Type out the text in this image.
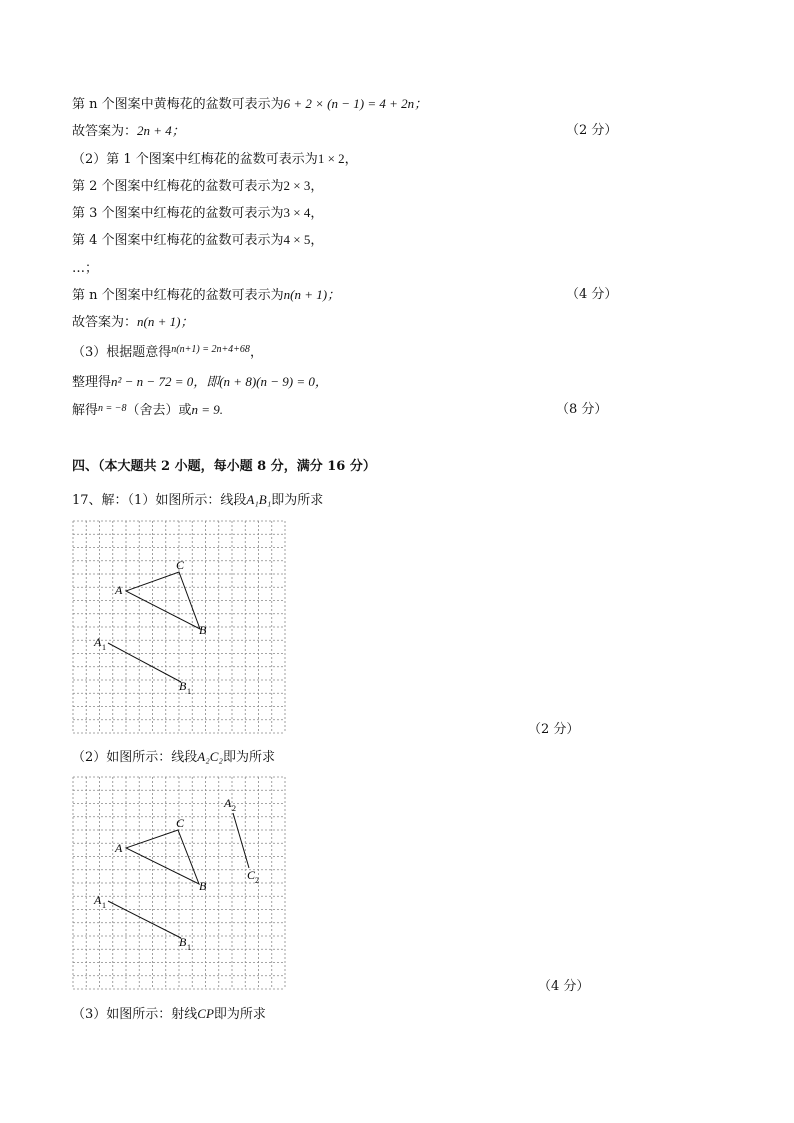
第 n 个图案中黄梅花的盆数可表示为6 + 2 × (n − 1) = 4 + 2n；
故答案为：2n + 4；	（2 分）
（2）第 1 个图案中红梅花的盆数可表示为1 × 2，
第 2 个图案中红梅花的盆数可表示为2 × 3，
第 3 个图案中红梅花的盆数可表示为3 × 4，
第 4 个图案中红梅花的盆数可表示为4 × 5，
…；
第 n 个图案中红梅花的盆数可表示为n(n + 1)；	（4 分）
故答案为：n(n + 1)；
（3）根据题意得$^{n(n+1) = 2n+4+68}$，
整理得n² − n − 72 = 0，即(n + 8)(n − 9) = 0，
解得$^{n = -8}$（舍去）或n = 9.	（8 分）
四、（本大题共 2 小题，每小题 8 分，满分 16 分）
17、解：（1）如图所示：线段A₁B₁即为所求
A
C
B
A 1
B 1
（2 分）
（2）如图所示：线段A₂C₂即为所求
A
C
B
A 1
B 1
A 2
C 2
（4 分）
（3）如图所示：射线CP即为所求
